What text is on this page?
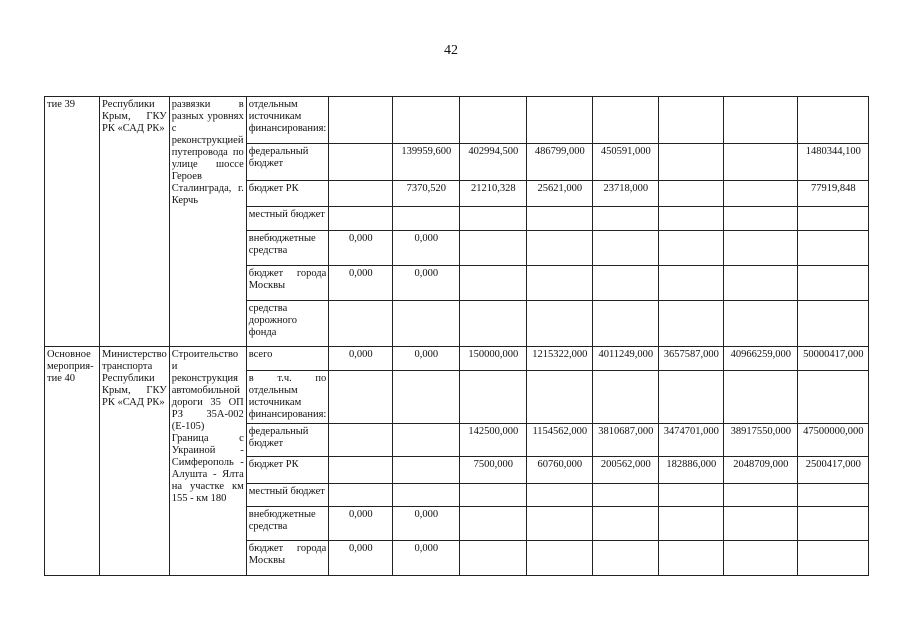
42
тие 39	Республики Крым, ГКУ РК «САД РК»	развязки в разных уровнях с реконструкцией путепровода по улице шоссе Героев Сталинграда, г. Керчь	отдельным источникам финансирования:								
			федеральный бюджет		139959,600	402994,500	486799,000	450591,000			1480344,100
			бюджет РК		7370,520	21210,328	25621,000	23718,000			77919,848
			местный бюджет								
			внебюджетные средства	0,000	0,000						
			бюджет города Москвы	0,000	0,000						
			средства дорожного фонда								
Основное мероприя-тие 40	Министерство транспорта Республики Крым, ГКУ РК «САД РК»	Строительство и реконструкция автомобильной дороги 35 ОП РЗ 35А-002 (Е-105) Граница с Украиной - Симферополь - Алушта - Ялта на участке км 155 - км 180	всего	0,000	0,000	150000,000	1215322,000	4011249,000	3657587,000	40966259,000	50000417,000
			в т.ч. по отдельным источникам финансирования:								
			федеральный бюджет			142500,000	1154562,000	3810687,000	3474701,000	38917550,000	47500000,000
			бюджет РК			7500,000	60760,000	200562,000	182886,000	2048709,000	2500417,000
			местный бюджет								
			внебюджетные средства	0,000	0,000						
			бюджет города Москвы	0,000	0,000						
